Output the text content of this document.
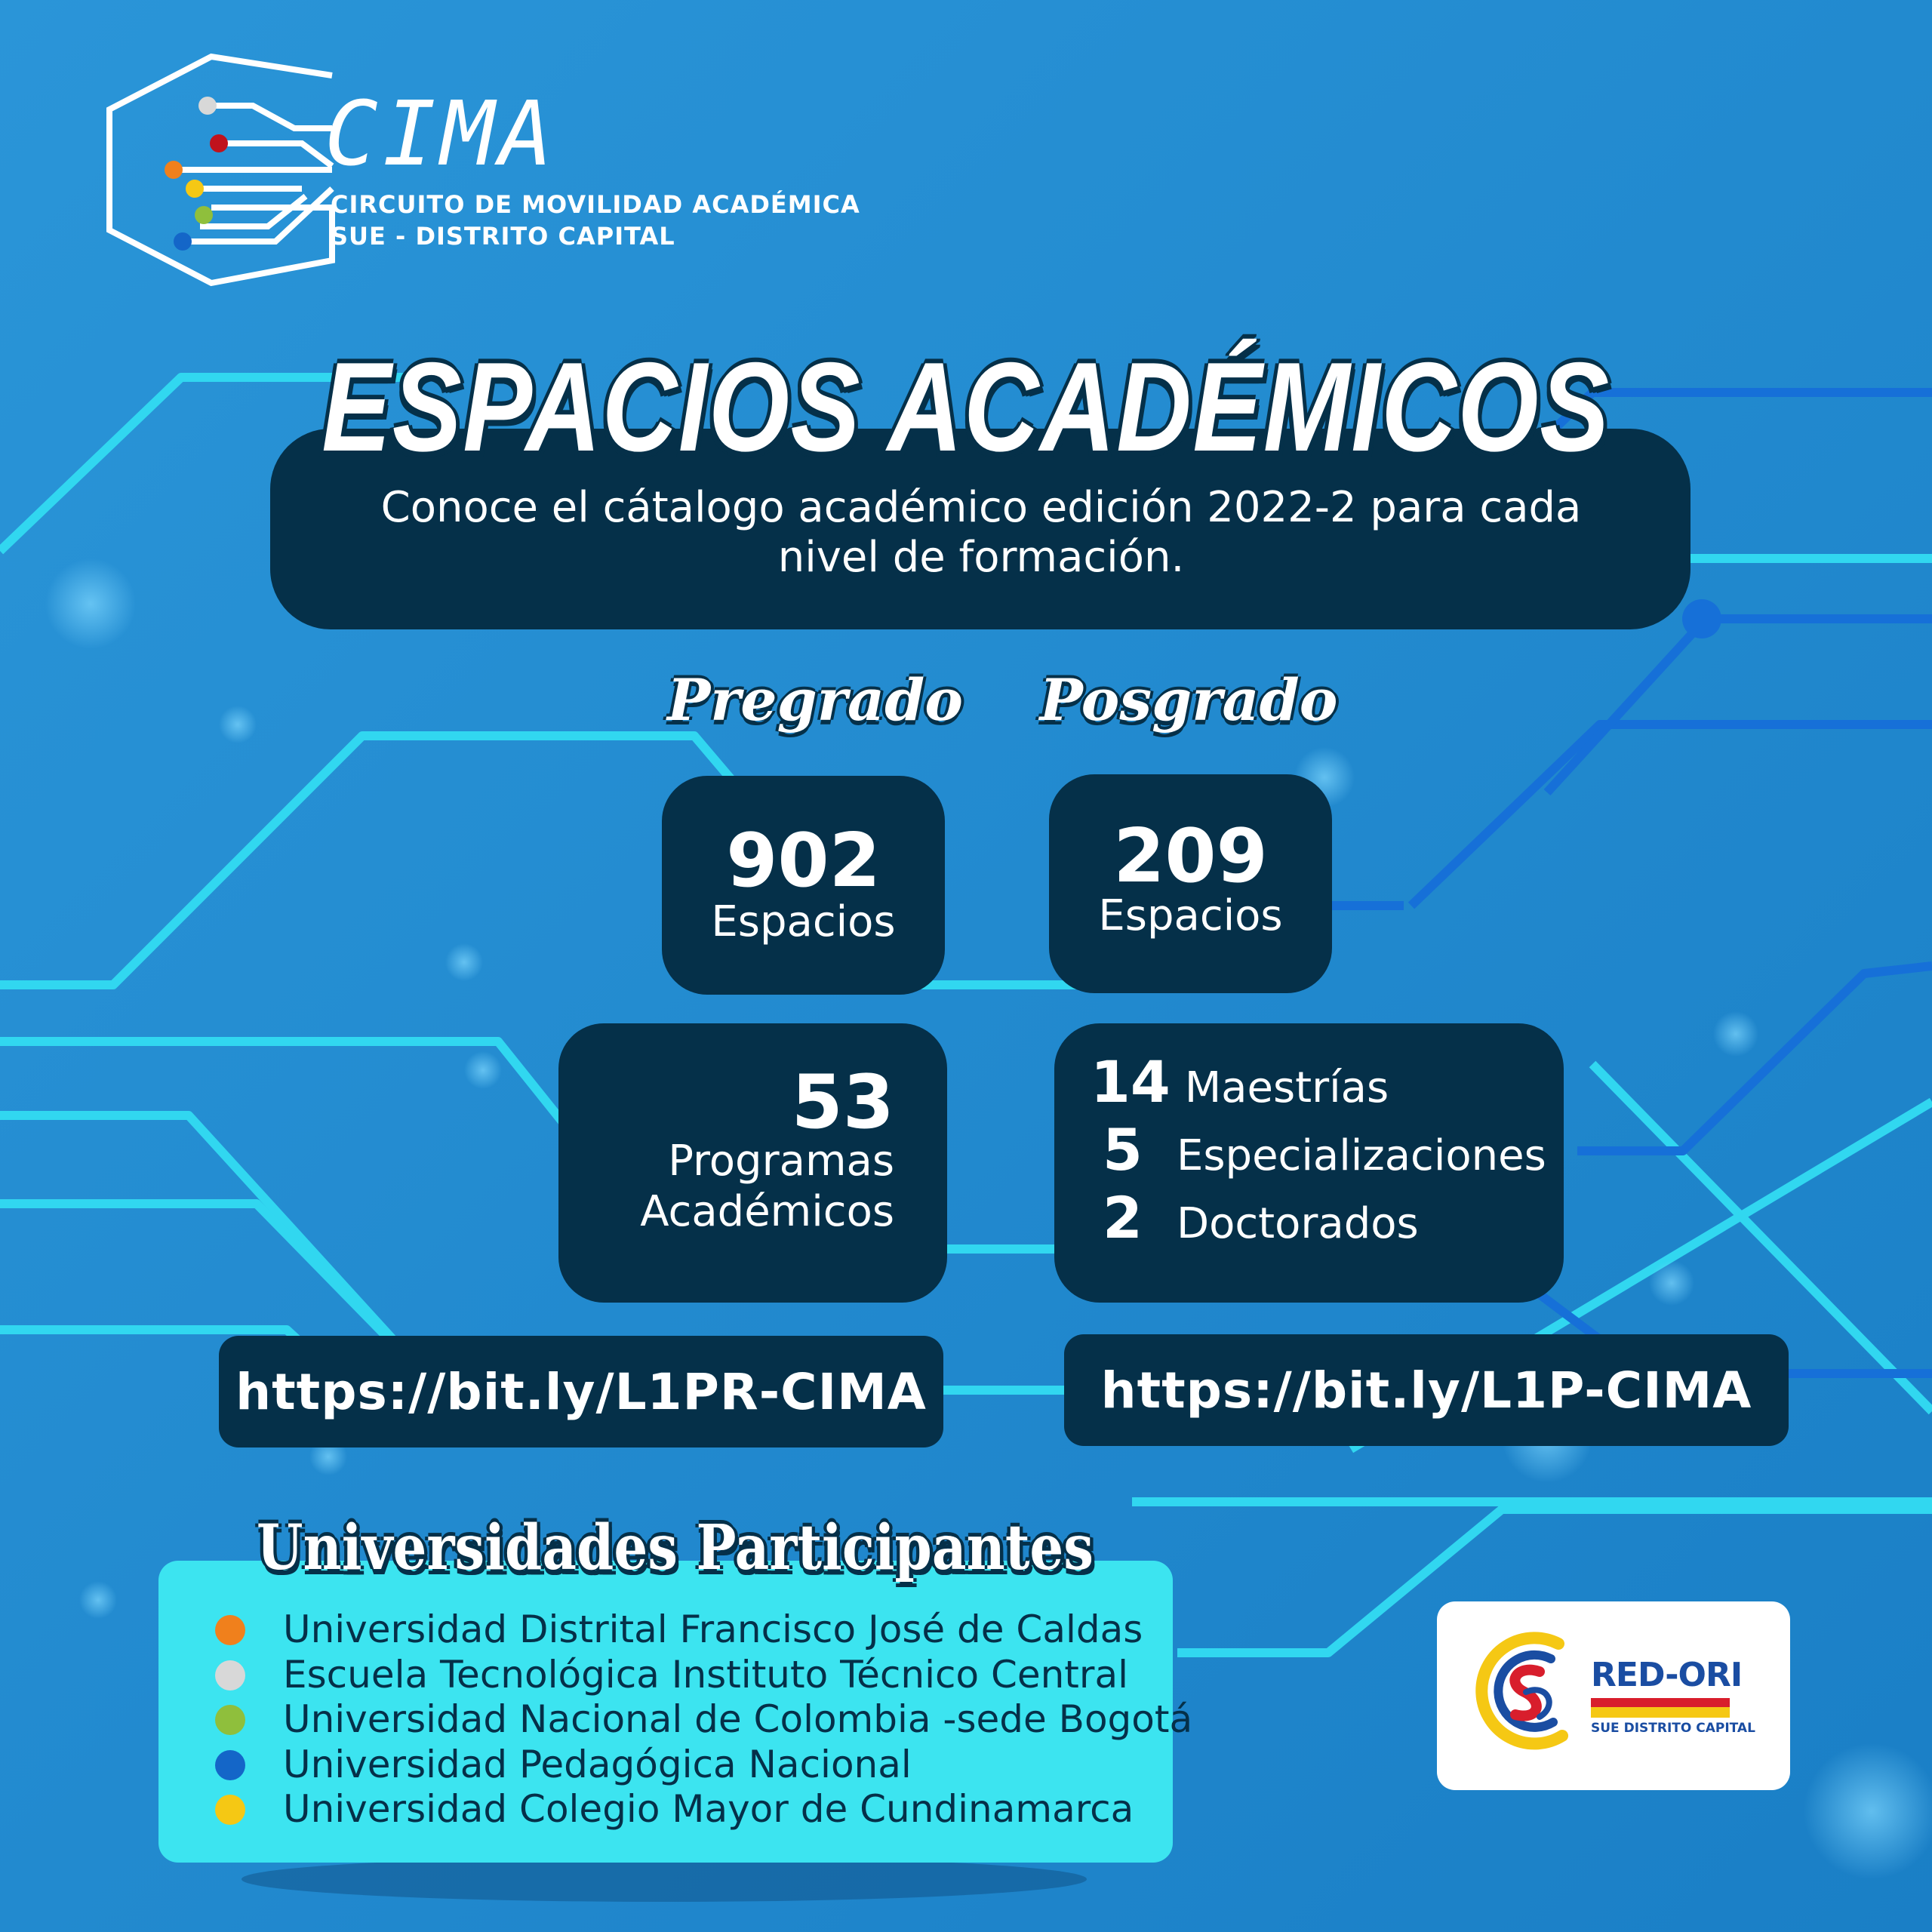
CIMA
CIRCUITO DE MOVILIDAD ACADÉMICA
SUE - DISTRITO CAPITAL
ESPACIOS ACADÉMICOS
Conoce el cátalogo académico edición 2022-2 para cada nivel de formación.
Pregrado Posgrado
902
Espacios
209
Espacios
53
Programas
Académicos
14 Maestrías
5 Especializaciones
2 Doctorados
https://bit.ly/L1PR-CIMA	https://bit.ly/L1P-CIMA
Universidades Participantes
Universidad Distrital Francisco José de Caldas
Escuela Tecnológica Instituto Técnico Central
Universidad Nacional de Colombia -sede Bogotá
Universidad Pedagógica Nacional
Universidad Colegio Mayor de Cundinamarca
RED-ORI
SUE DISTRITO CAPITAL
